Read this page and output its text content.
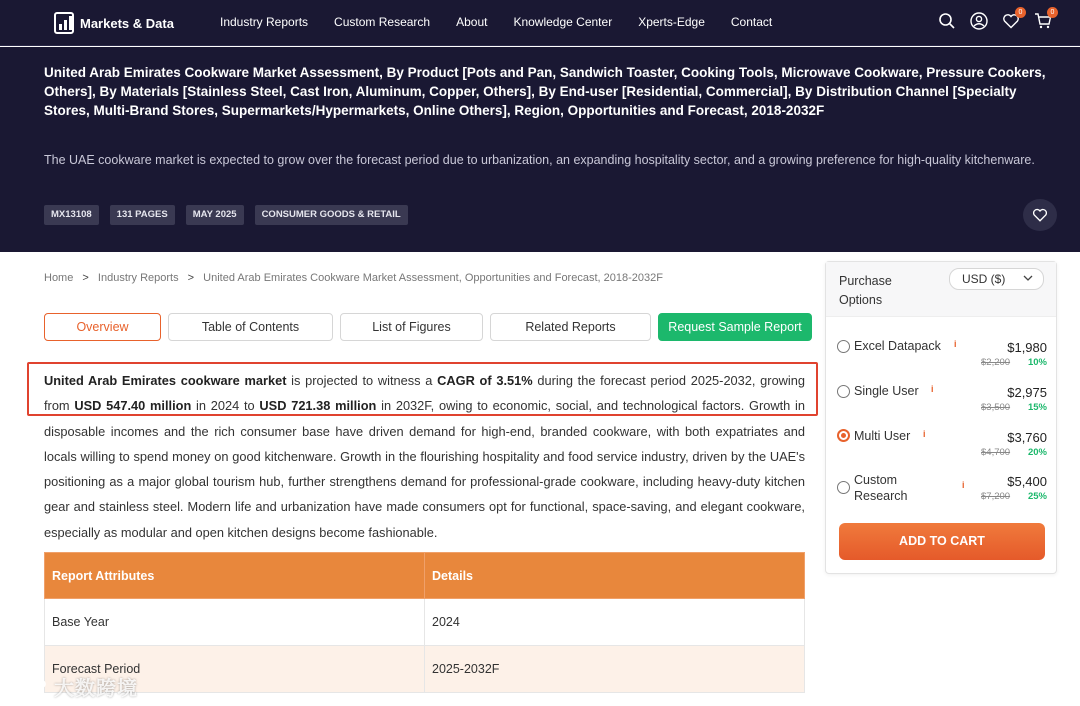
Markets & Data	Industry Reports Custom Research About Knowledge Center Xperts-Edge Contact
0	0
United Arab Emirates Cookware Market Assessment, By Product [Pots and Pan, Sandwich Toaster, Cooking Tools, Microwave Cookware, Pressure Cookers, Others], By Materials [Stainless Steel, Cast Iron, Aluminum, Copper, Others], By End-user [Residential, Commercial], By Distribution Channel [Specialty Stores, Multi-Brand Stores, Supermarkets/Hypermarkets, Online Others], Region, Opportunities and Forecast, 2018-2032F

The UAE cookware market is expected to grow over the forecast period due to urbanization, an expanding hospitality sector, and a growing preference for high-quality kitchenware.

MX13108	131 PAGES	MAY 2025	CONSUMER GOODS & RETAIL
Home > Industry Reports > United Arab Emirates Cookware Market Assessment, Opportunities and Forecast, 2018-2032F
Overview	Table of Contents	List of Figures	Related Reports	Request Sample Report
United Arab Emirates cookware market is projected to witness a CAGR of 3.51% during the forecast period 2025-2032, growing from USD 547.40 million in 2024 to USD 721.38 million in 2032F, owing to economic, social, and technological factors. Growth in disposable incomes and the rich consumer base have driven demand for high-end, branded cookware, with both expatriates and locals willing to spend money on good kitchenware. Growth in the flourishing hospitality and food service industry, driven by the UAE's positioning as a major global tourism hub, further strengthens demand for professional-grade cookware, including heavy-duty kitchen gear and stainless steel. Modern life and urbanization have made consumers opt for functional, space-saving, and elegant cookware, especially as modular and open kitchen designs become fashionable.
Report Attributes	Details
Base Year	2024
Forecast Period	2025-2032F
Purchase Options
USD ($)
Excel Datapack i	$1,980
$2,200 10%
Single User i	$2,975
$3,500 15%
Multi User i	$3,760
$4,700 20%
Custom Research
i	$5,400
$7,200 25%
ADD TO CART
大数跨境
